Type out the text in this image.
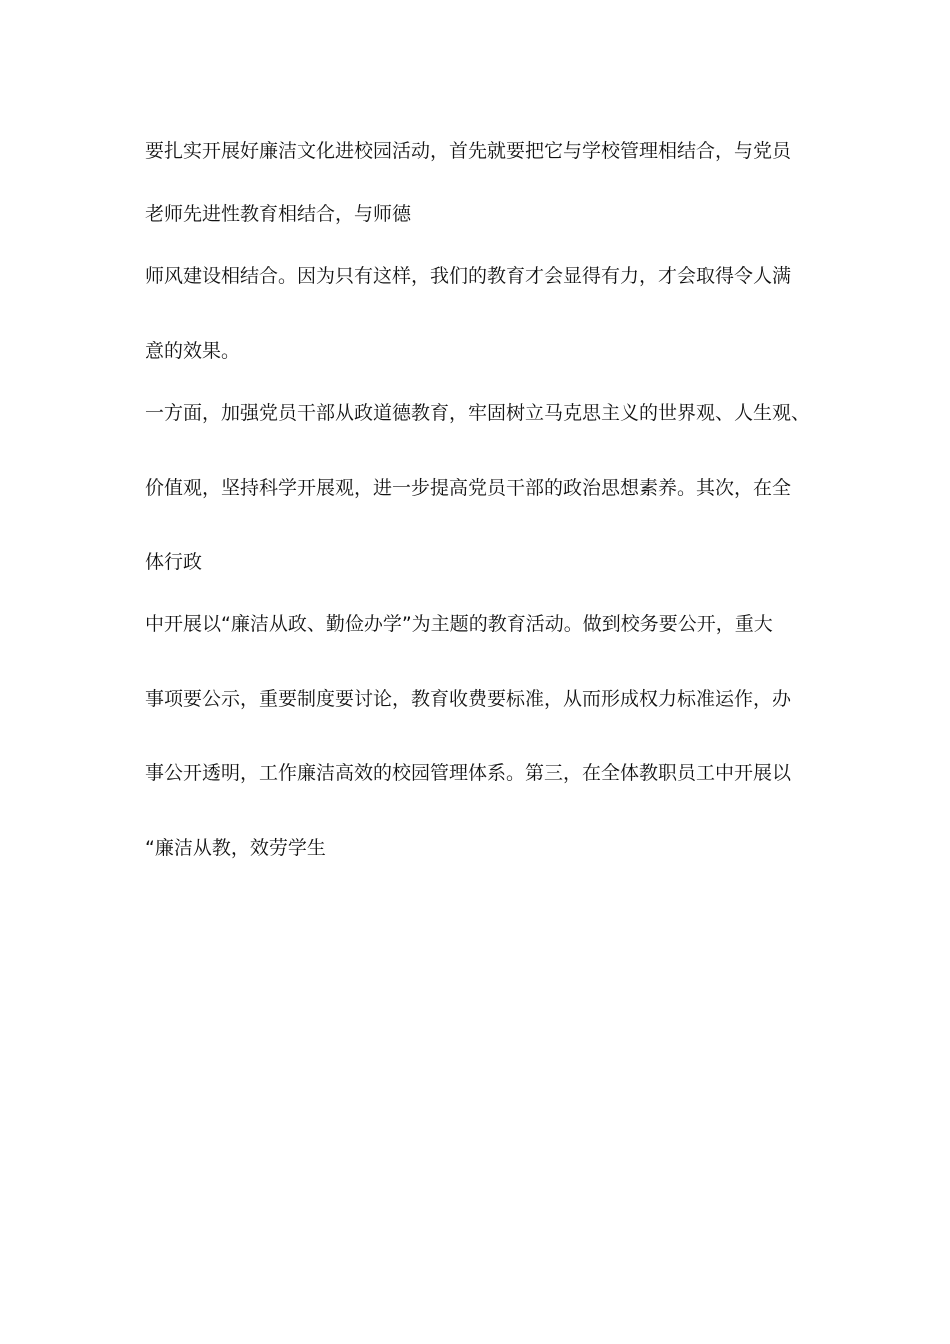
要扎实开展好廉洁文化进校园活动，首先就要把它与学校管理相结合，与党员

老师先进性教育相结合，与师德

师风建设相结合。因为只有这样，我们的教育才会显得有力，才会取得令人满

意的效果。

一方面，加强党员干部从政道德教育，牢固树立马克思主义的世界观、人生观、

价值观，坚持科学开展观，进一步提高党员干部的政治思想素养。其次，在全

体行政

中开展以“廉洁从政、勤俭办学”为主题的教育活动。做到校务要公开，重大

事项要公示，重要制度要讨论，教育收费要标准，从而形成权力标准运作，办

事公开透明，工作廉洁高效的校园管理体系。第三，在全体教职员工中开展以

“廉洁从教，效劳学生
